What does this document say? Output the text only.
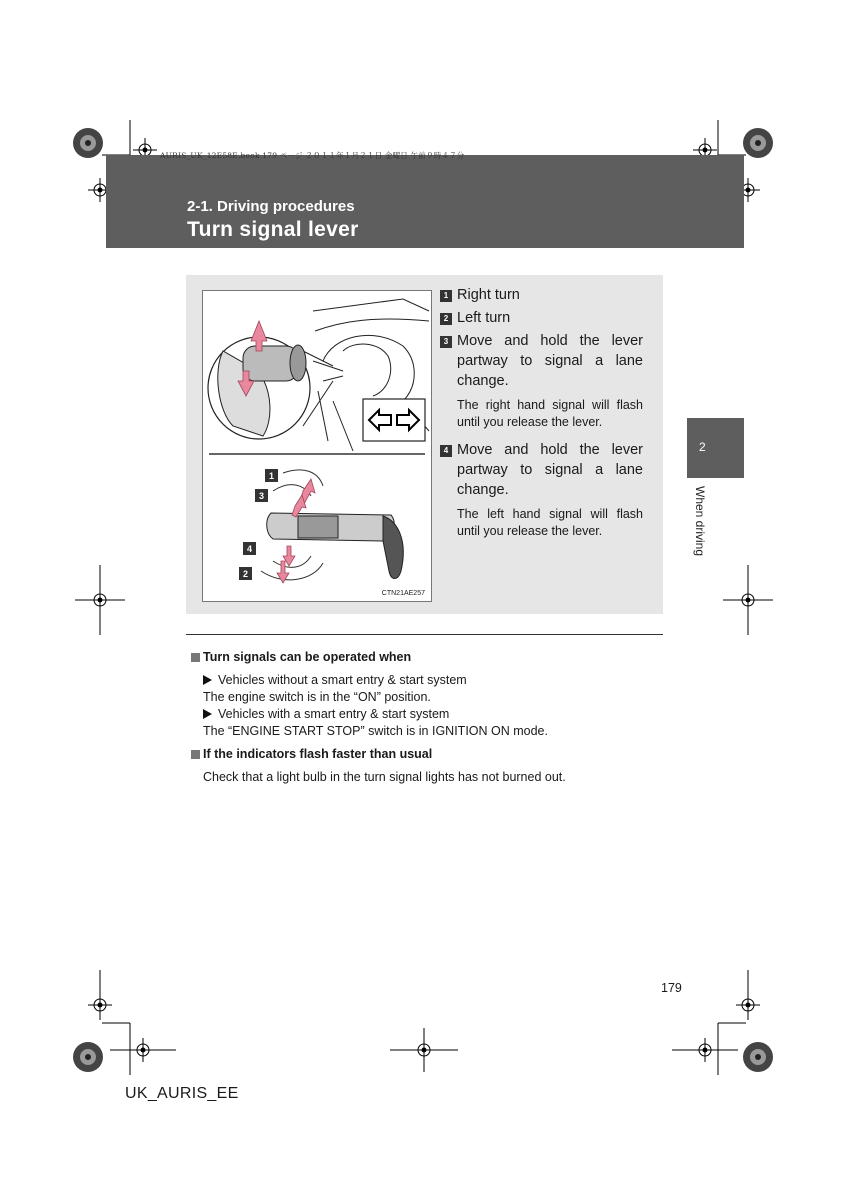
AURIS_UK_12E58E.book 179 ページ ２０１１年１月２１日 金曜日 午前９時４７分
2-1. Driving procedures
Turn signal lever
2
When driving
1
3
4
2
CTN21AE257
1 Right turn
2 Left turn
3 Move and hold the lever partway to signal a lane change.
The right hand signal will flash until you release the lever.
4 Move and hold the lever partway to signal a lane change.
The left hand signal will flash until you release the lever.
Turn signals can be operated when
Vehicles without a smart entry & start system
The engine switch is in the “ON” position.
Vehicles with a smart entry & start system
The “ENGINE START STOP” switch is in IGNITION ON mode.
If the indicators flash faster than usual
Check that a light bulb in the turn signal lights has not burned out.
179
UK_AURIS_EE
